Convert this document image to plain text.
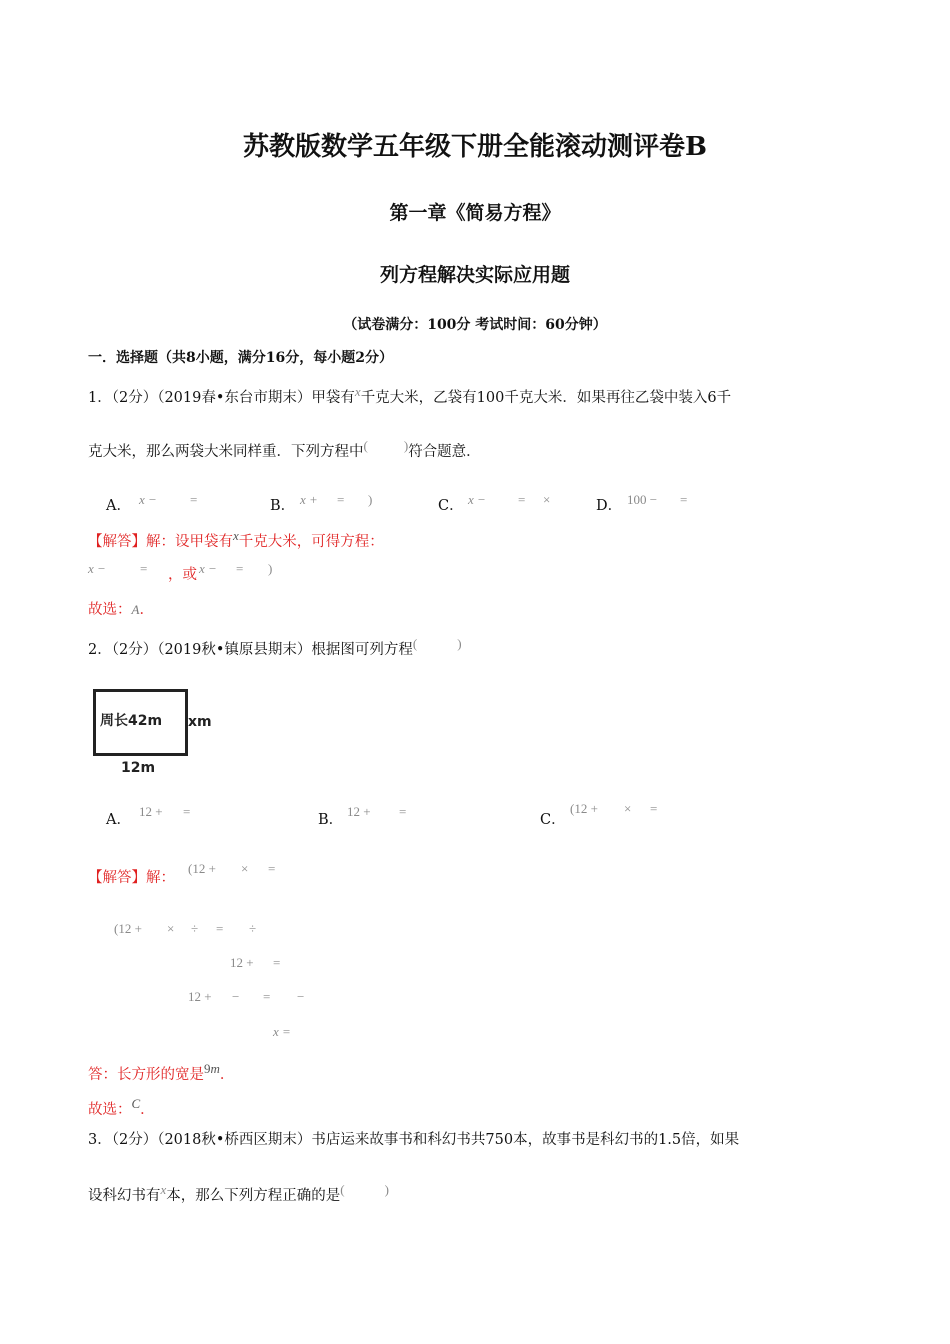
苏教版数学五年级下册全能滚动测评卷B
第一章《简易方程》
列方程解决实际应用题
（试卷满分：100分 考试时间：60分钟）
一．选择题（共8小题，满分16分，每小题2分）
1．（2分）（2019春•东台市期末）甲袋有$^x$千克大米，乙袋有100千克大米．如果再往乙袋中装入6千
克大米，那么两袋大米同样重．下列方程中(	)符合题意．
A． x −	=	B． x + = )	C． x − = ×	D． 100 − =
【解答】解：设甲袋有$^x$千克大米，可得方程：
x −	= ，或 x − = )
故选：A．
2．（2分）（2019秋•镇原县期末）根据图可列方程(	)
周长42m xm
12m
A．
12 + =
B．
12 + =
C．
(12 + × =
【解答】解：
(12 + × =
(12 + × ÷ = ÷
12 + =
12 + − = −
x =
答：长方形的宽是$^{9m}$．
故选：$^C$．
3．（2分）（2018秋•桥西区期末）书店运来故事书和科幻书共750本，故事书是科幻书的1.5倍，如果
设科幻书有$^x$本，那么下列方程正确的是(	)
